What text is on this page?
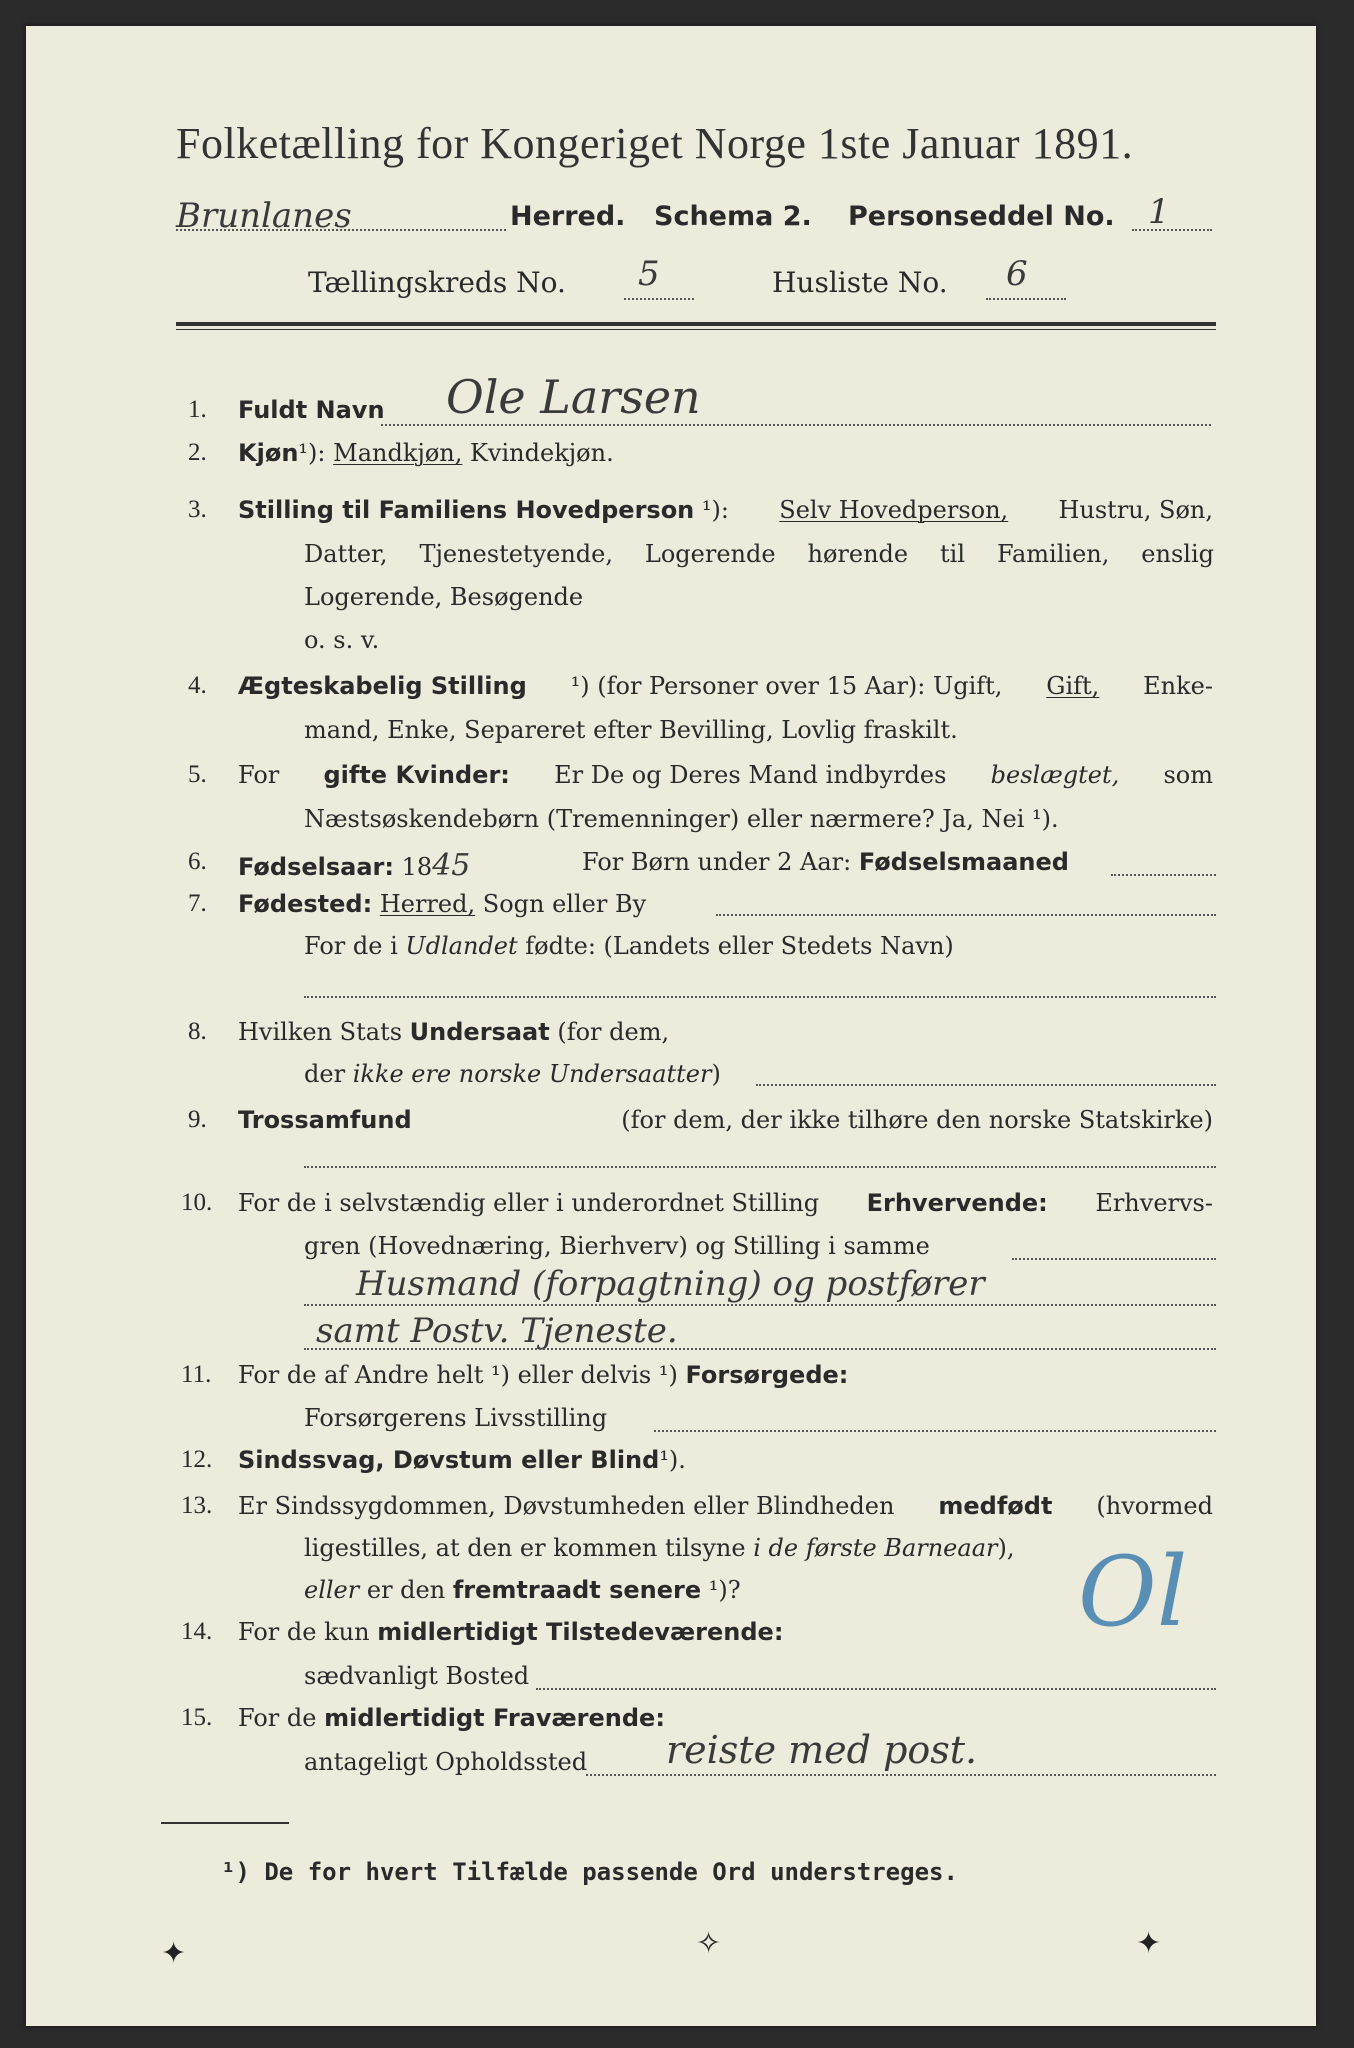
Folketælling for Kongeriget Norge 1ste Januar 1891.
Brunlanes	Herred. Schema 2. Personseddel No. 1
Tællingskreds No. 5	Husliste No. 6
1. Fuldt Navn Ole Larsen
2. Kjøn¹): Mandkjøn, Kvindekjøn.
3. Stilling til Familiens Hovedperson ¹): Selv Hovedperson, Hustru, Søn,
Datter, Tjenestetyende, Logerende hørende til Familien, enslig
Logerende, Besøgende
o. s. v.
4. Ægteskabelig Stilling ¹) (for Personer over 15 Aar): Ugift, Gift, Enke-
mand, Enke, Separeret efter Bevilling, Lovlig fraskilt.
5. For gifte Kvinder: Er De og Deres Mand indbyrdes beslægtet, som
Næstsøskendebørn (Tremenninger) eller nærmere? Ja, Nei ¹).
6. Fødselsaar: 1845	For Børn under 2 Aar: Fødselsmaaned
7. Fødested: Herred, Sogn eller By
For de i Udlandet fødte: (Landets eller Stedets Navn)
8. Hvilken Stats Undersaat (for dem,
der ikke ere norske Undersaatter)
9. Trossamfund	(for dem, der ikke tilhøre den norske Statskirke)
10. For de i selvstændig eller i underordnet Stilling Erhvervende: Erhvervs-
gren (Hovednæring, Bierhverv) og Stilling i samme
Husmand (forpagtning) og postfører
samt Postv. Tjeneste.
11. For de af Andre helt ¹) eller delvis ¹) Forsørgede:
Forsørgerens Livsstilling
12. Sindssvag, Døvstum eller Blind¹).
13. Er Sindssygdommen, Døvstumheden eller Blindheden medfødt (hvormed
ligestilles, at den er kommen tilsyne i de første Barneaar),
eller er den fremtraadt senere ¹)?	Ol
14. For de kun midlertidigt Tilstedeværende:
sædvanligt Bosted
15. For de midlertidigt Fraværende:
antageligt Opholdssted reiste med post.
¹) De for hvert Tilfælde passende Ord understreges.
✦	✧	✦
